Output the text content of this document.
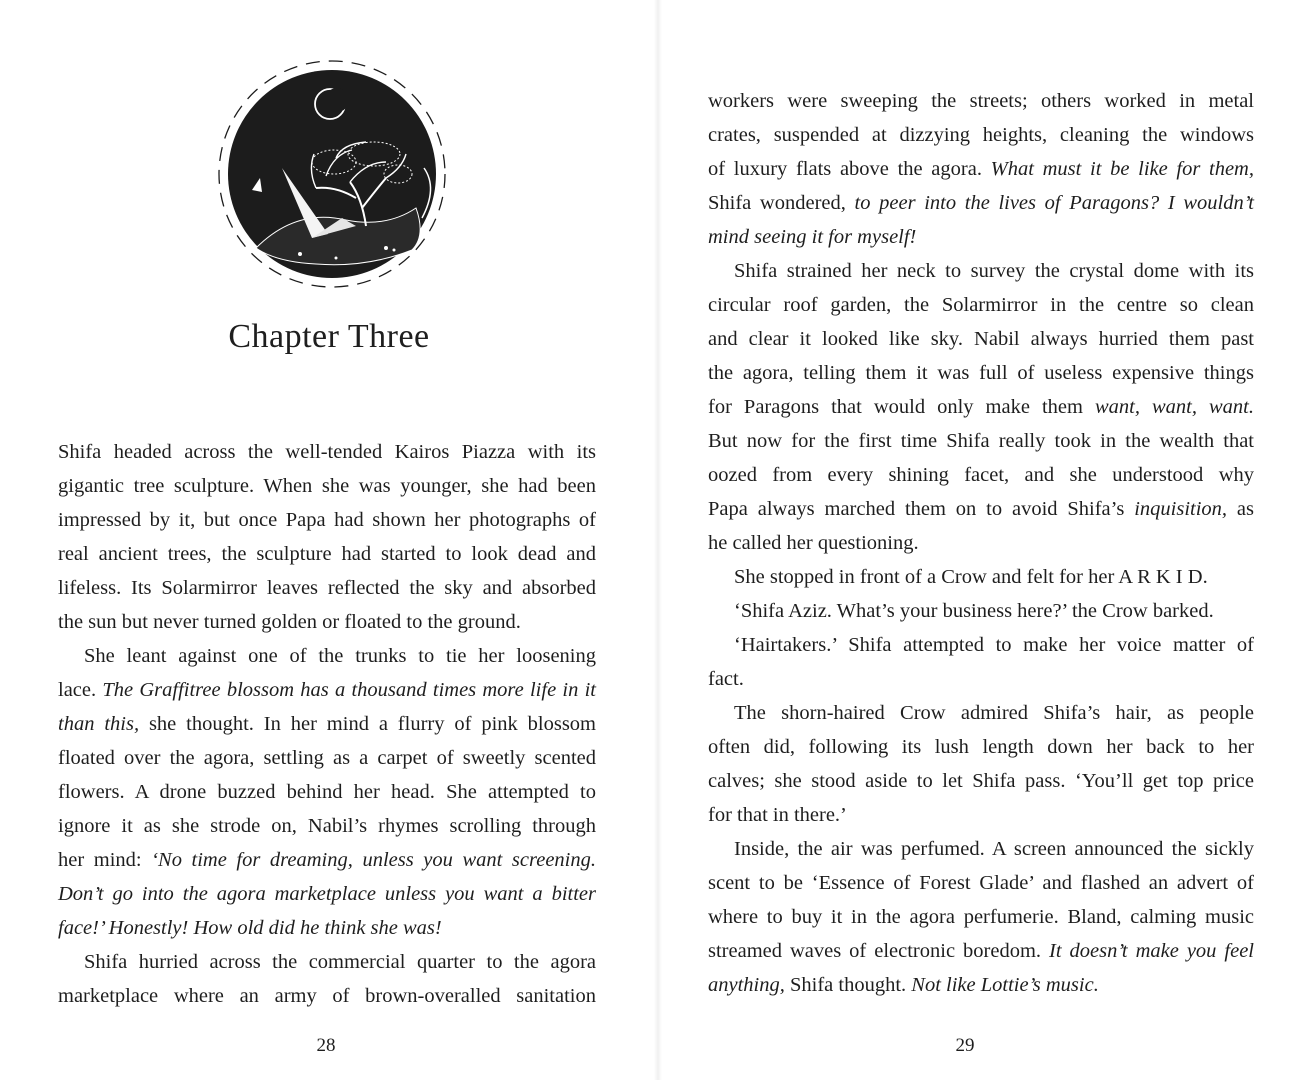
Chapter Three

Shifa headed across the well-tended Kairos Piazza with its

gigantic tree sculpture. When she was younger, she had been

impressed by it, but once Papa had shown her photographs of

real ancient trees, the sculpture had started to look dead and

lifeless. Its Solarmirror leaves reflected the sky and absorbed

the sun but never turned golden or floated to the ground.

She leant against one of the trunks to tie her loosening

lace. The Graffitree blossom has a thousand times more life in it

than this, she thought. In her mind a flurry of pink blossom

floated over the agora, settling as a carpet of sweetly scented

flowers. A drone buzzed behind her head. She attempted to

ignore it as she strode on, Nabil’s rhymes scrolling through

her mind: ‘No time for dreaming, unless you want screening.

Don’t go into the agora marketplace unless you want a bitter

face!’ Honestly! How old did he think she was!

Shifa hurried across the commercial quarter to the agora

marketplace where an army of brown-overalled sanitation

28

workers were sweeping the streets; others worked in metal

crates, suspended at dizzying heights, cleaning the windows

of luxury flats above the agora. What must it be like for them,

Shifa wondered, to peer into the lives of Paragons? I wouldn’t

mind seeing it for myself!

Shifa strained her neck to survey the crystal dome with its

circular roof garden, the Solarmirror in the centre so clean

and clear it looked like sky. Nabil always hurried them past

the agora, telling them it was full of useless expensive things

for Paragons that would only make them want, want, want.

But now for the first time Shifa really took in the wealth that

oozed from every shining facet, and she understood why

Papa always marched them on to avoid Shifa’s inquisition, as

he called her questioning.

She stopped in front of a Crow and felt for her A R K I D.

‘Shifa Aziz. What’s your business here?’ the Crow barked.

‘Hairtakers.’ Shifa attempted to make her voice matter of

fact.

The shorn-haired Crow admired Shifa’s hair, as people

often did, following its lush length down her back to her

calves; she stood aside to let Shifa pass. ‘You’ll get top price

for that in there.’

Inside, the air was perfumed. A screen announced the sickly

scent to be ‘Essence of Forest Glade’ and flashed an advert of

where to buy it in the agora perfumerie. Bland, calming music

streamed waves of electronic boredom. It doesn’t make you feel

anything, Shifa thought. Not like Lottie’s music.

29
